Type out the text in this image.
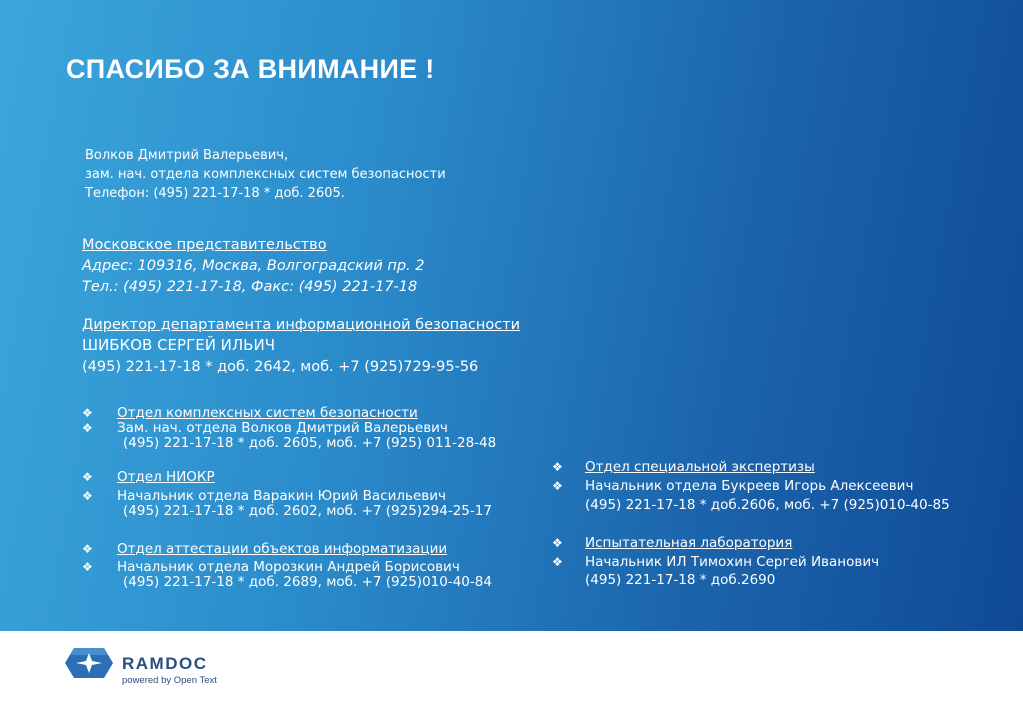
СПАСИБО ЗА ВНИМАНИЕ !
Волков Дмитрий Валерьевич,
зам. нач. отдела комплексных систем безопасности
Телефон: (495) 221-17-18 * доб. 2605.
Московское представительство
Адрес: 109316, Москва, Волгоградский пр. 2
Тел.: (495) 221-17-18, Факс: (495) 221-17-18
Директор департамента информационной безопасности
ШИБКОВ СЕРГЕЙ ИЛЬИЧ
(495) 221-17-18 * доб. 2642, моб. +7 (925)729-95-56
❖ Отдел комплексных систем безопасности
❖ Зам. нач. отдела Волков Дмитрий Валерьевич
(495) 221-17-18 * доб. 2605, моб. +7 (925) 011-28-48
❖ Отдел НИОКР
❖ Начальник отдела Варакин Юрий Васильевич
(495) 221-17-18 * доб. 2602, моб. +7 (925)294-25-17
❖ Отдел аттестации объектов информатизации
❖ Начальник отдела Морозкин Андрей Борисович
(495) 221-17-18 * доб. 2689, моб. +7 (925)010-40-84
❖ Отдел специальной экспертизы
❖ Начальник отдела Букреев Игорь Алексеевич
(495) 221-17-18 * доб.2606, моб. +7 (925)010-40-85
❖ Испытательная лаборатория
❖ Начальник ИЛ Тимохин Сергей Иванович
(495) 221-17-18 * доб.2690
RAMDOC
powered by Open Text
